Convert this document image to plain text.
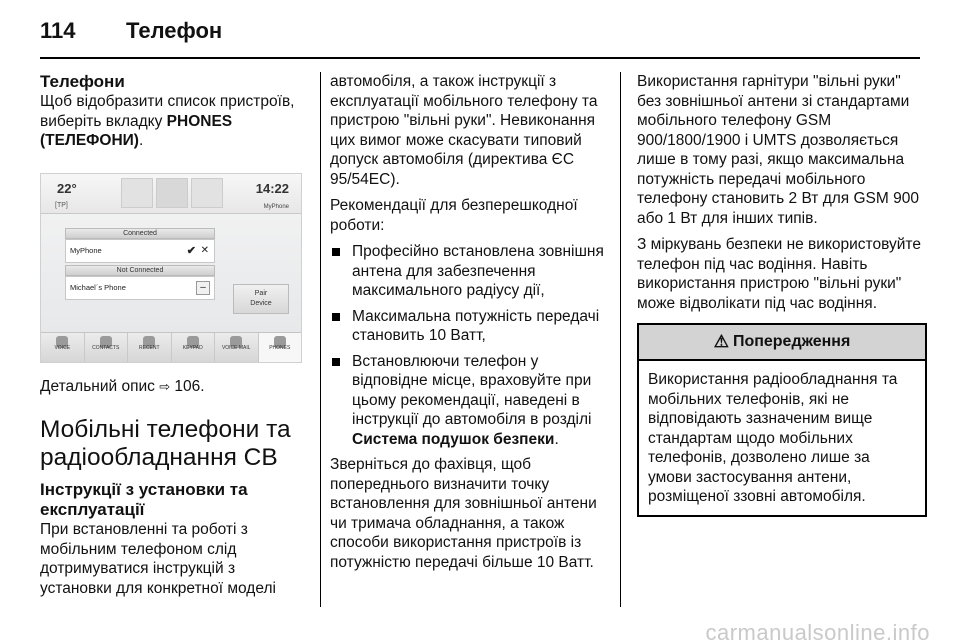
114 Телефон

Телефони

Щоб відобразити список пристроїв, виберіть вкладку PHONES (ТЕЛЕФОНИ).

22°
[TP]
14:22
MyPhone
Connected
MyPhone	✔ ✕
Not Connected
Michael´s Phone	–
Pair
Device
VOICE	CONTACTS	RECENT	KEYPAD	VOICE MAIL	PHONES

Детальний опис ⇨ 106.

Мобільні телефони та радіообладнання CB

Інструкції з установки та експлуатації

При встановленні та роботі з мобільним телефоном слід дотримуватися інструкцій з установки для конкретної моделі

автомобіля, а також інструкції з експлуатації мобільного телефону та пристрою "вільні руки". Невиконання цих вимог може скасувати типовий допуск автомобіля (директива ЄС 95/54EC).

Рекомендації для безперешкодної роботи:

Професійно встановлена зовнішня антена для забезпечення максимального радіусу дії,
Максимальна потужність передачі становить 10 Ватт,
Встановлюючи телефон у відповідне місце, враховуйте при цьому рекомендації, наведені в інструкції до автомобіля в розділі Система подушок безпеки.

Зверніться до фахівця, щоб попереднього визначити точку встановлення для зовнішньої антени чи тримача обладнання, а також способи використання пристроїв із потужністю передачі більше 10 Ватт.

Використання гарнітури "вільні руки" без зовнішньої антени зі стандартами мобільного телефону GSM 900/1800/1900 і UMTS дозволяється лише в тому разі, якщо максимальна потужність передачі мобільного телефону становить 2 Вт для GSM 900 або 1 Вт для інших типів.

З міркувань безпеки не використовуйте телефон під час водіння. Навіть використання пристрою "вільні руки" може відволікати під час водіння.

⚠ Попередження
Використання радіообладнання та мобільних телефонів, які не відповідають зазначеним вище стандартам щодо мобільних телефонів, дозволено лише за умови застосування антени, розміщеної ззовні автомобіля.
carmanualsonline.info
